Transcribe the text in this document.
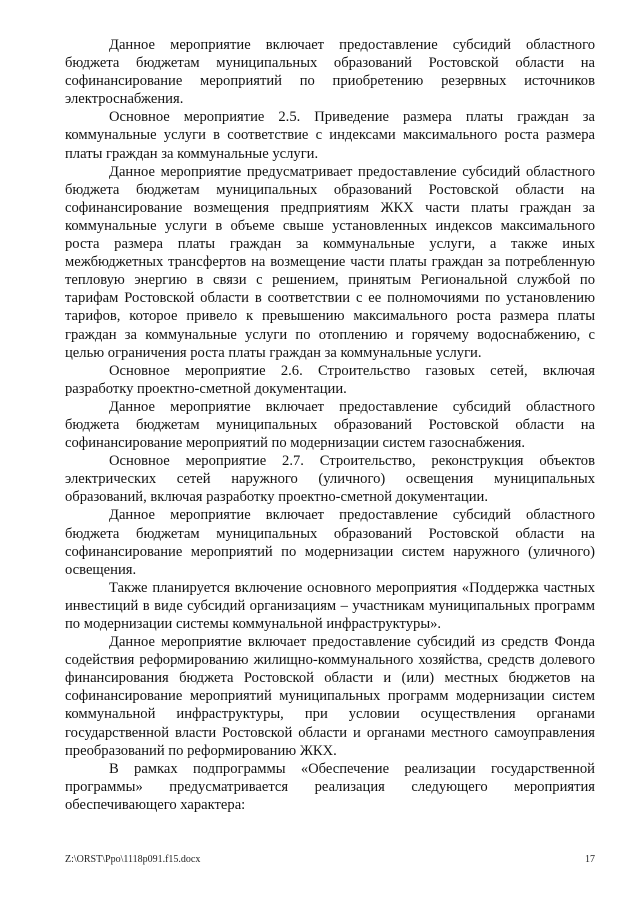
Данное мероприятие включает предоставление субсидий областного бюджета бюджетам муниципальных образований Ростовской области на софинансирование мероприятий по приобретению резервных источников электроснабжения.

Основное мероприятие 2.5. Приведение размера платы граждан за коммунальные услуги в соответствие с индексами максимального роста размера платы граждан за коммунальные услуги.

Данное мероприятие предусматривает предоставление субсидий областного бюджета бюджетам муниципальных образований Ростовской области на софинансирование возмещения предприятиям ЖКХ части платы граждан за коммунальные услуги в объеме свыше установленных индексов максимального роста размера платы граждан за коммунальные услуги, а также иных межбюджетных трансфертов на возмещение части платы граждан за потребленную тепловую энергию в связи с решением, принятым Региональной службой по тарифам Ростовской области в соответствии с ее полномочиями по установлению тарифов, которое привело к превышению максимального роста размера платы граждан за коммунальные услуги по отоплению и горячему водоснабжению, с целью ограничения роста платы граждан за коммунальные услуги.

Основное мероприятие 2.6. Строительство газовых сетей, включая разработку проектно-сметной документации.

Данное мероприятие включает предоставление субсидий областного бюджета бюджетам муниципальных образований Ростовской области на софинансирование мероприятий по модернизации систем газоснабжения.

Основное мероприятие 2.7. Строительство, реконструкция объектов электрических сетей наружного (уличного) освещения муниципальных образований, включая разработку проектно-сметной документации.

Данное мероприятие включает предоставление субсидий областного бюджета бюджетам муниципальных образований Ростовской области на софинансирование мероприятий по модернизации систем наружного (уличного) освещения.

Также планируется включение основного мероприятия «Поддержка частных инвестиций в виде субсидий организациям – участникам муниципальных программ по модернизации системы коммунальной инфраструктуры».

Данное мероприятие включает предоставление субсидий из средств Фонда содействия реформированию жилищно-коммунального хозяйства, средств долевого финансирования бюджета Ростовской области и (или) местных бюджетов на софинансирование мероприятий муниципальных программ модернизации систем коммунальной инфраструктуры, при условии осуществления органами государственной власти Ростовской области и органами местного самоуправления преобразований по реформированию ЖКХ.

В рамках подпрограммы «Обеспечение реализации государственной программы» предусматривается реализация следующего мероприятия обеспечивающего характера:

Z:\ORST\Ppo\1118p091.f15.docx	17
